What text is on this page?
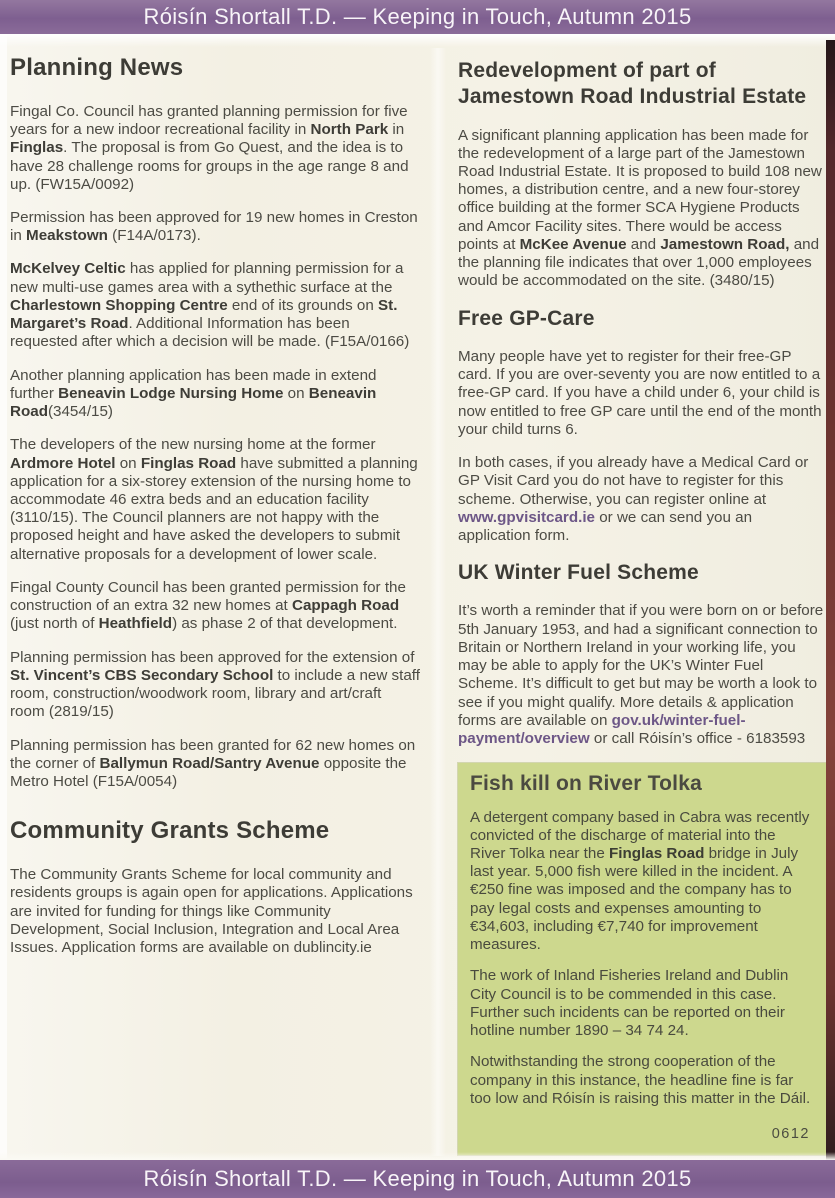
Róisín Shortall T.D. — Keeping in Touch, Autumn 2015
Planning News

Fingal Co. Council has granted planning permission for five years for a new indoor recreational facility in North Park in Finglas. The proposal is from Go Quest, and the idea is to have 28 challenge rooms for groups in the age range 8 and up. (FW15A/0092)

Permission has been approved for 19 new homes in Creston in Meakstown (F14A/0173).

McKelvey Celtic has applied for planning permission for a new multi-use games area with a sythethic surface at the Charlestown Shopping Centre end of its grounds on St. Margaret’s Road. Additional Information has been requested after which a decision will be made. (F15A/0166)

Another planning application has been made in extend further Beneavin Lodge Nursing Home on Beneavin Road(3454/15)

The developers of the new nursing home at the former Ardmore Hotel on Finglas Road have submitted a planning application for a six-storey extension of the nursing home to accommodate 46 extra beds and an education facility (3110/15). The Council planners are not happy with the proposed height and have asked the developers to submit alternative proposals for a development of lower scale.

Fingal County Council has been granted permission for the construction of an extra 32 new homes at Cappagh Road (just north of Heathfield) as phase 2 of that development.

Planning permission has been approved for the extension of St. Vincent’s CBS Secondary School to include a new staff room, construction/woodwork room, library and art/craft room (2819/15)

Planning permission has been granted for 62 new homes on the corner of Ballymun Road/Santry Avenue opposite the Metro Hotel (F15A/0054)

Community Grants Scheme

The Community Grants Scheme for local community and residents groups is again open for applications. Applications are invited for funding for things like Community Development, Social Inclusion, Integration and Local Area Issues. Application forms are available on dublincity.ie

Redevelopment of part of Jamestown Road Industrial Estate

A significant planning application has been made for the redevelopment of a large part of the Jamestown Road Industrial Estate. It is proposed to build 108 new homes, a distribution centre, and a new four-storey office building at the former SCA Hygiene Products and Amcor Facility sites. There would be access points at McKee Avenue and Jamestown Road, and the planning file indicates that over 1,000 employees would be accommodated on the site. (3480/15)

Free GP-Care

Many people have yet to register for their free-GP card. If you are over-seventy you are now entitled to a free-GP card. If you have a child under 6, your child is now entitled to free GP care until the end of the month your child turns 6.

In both cases, if you already have a Medical Card or GP Visit Card you do not have to register for this scheme. Otherwise, you can register online at www.gpvisitcard.ie or we can send you an application form.

UK Winter Fuel Scheme

It’s worth a reminder that if you were born on or before 5th January 1953, and had a significant connection to Britain or Northern Ireland in your working life, you may be able to apply for the UK’s Winter Fuel Scheme. It’s difficult to get but may be worth a look to see if you might qualify. More details & application forms are available on gov.uk/winter-fuel-payment/overview or call Róisín’s office - 6183593

Fish kill on River Tolka

A detergent company based in Cabra was recently convicted of the discharge of material into the River Tolka near the Finglas Road bridge in July last year. 5,000 fish were killed in the incident. A €250 fine was imposed and the company has to pay legal costs and expenses amounting to €34,603, including €7,740 for improvement measures.

The work of Inland Fisheries Ireland and Dublin City Council is to be commended in this case. Further such incidents can be reported on their hotline number 1890 – 34 74 24.

Notwithstanding the strong cooperation of the company in this instance, the headline fine is far too low and Róisín is raising this matter in the Dáil.

0612
Róisín Shortall T.D. — Keeping in Touch, Autumn 2015
